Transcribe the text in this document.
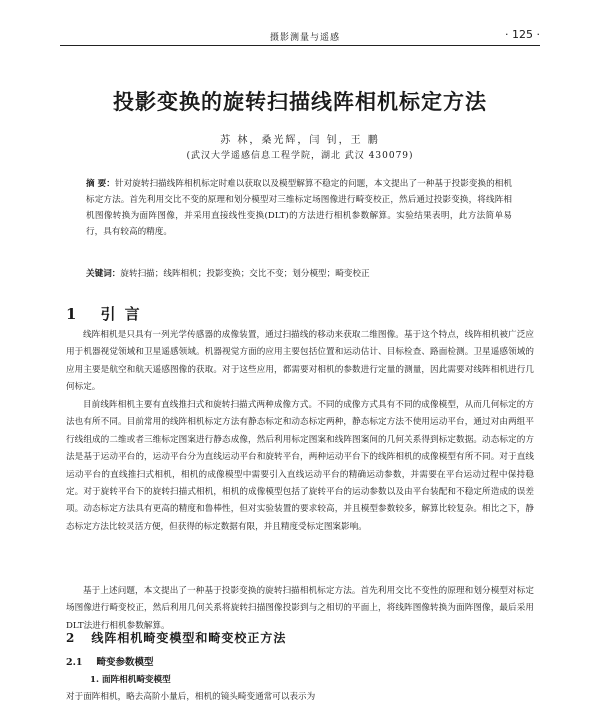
摄影测量与遥感	· 125 ·
投影变换的旋转扫描线阵相机标定方法
苏 林，桑光辉，闫 钊，王 鹏
(武汉大学遥感信息工程学院，湖北 武汉 430079)
摘 要：针对旋转扫描线阵相机标定时难以获取以及模型解算不稳定的问题，本文提出了一种基于投影变换的相机标定方法。首先利用交比不变的原理和划分模型对三维标定场图像进行畸变校正，然后通过投影变换，将线阵相机图像转换为面阵图像，并采用直接线性变换(DLT)的方法进行相机参数解算。实验结果表明，此方法简单易行，具有较高的精度。
关键词：旋转扫描；线阵相机；投影变换；交比不变；划分模型；畸变校正
1 引 言
线阵相机是只具有一列光学传感器的成像装置，通过扫描线的移动来获取二维图像。基于这个特点，线阵相机被广泛应用于机器视觉领域和卫星遥感领域。机器视觉方面的应用主要包括位置和运动估计、目标检查、路面检测。卫星遥感领域的应用主要是航空和航天遥感图像的获取。对于这些应用，都需要对相机的参数进行定量的测量，因此需要对线阵相机进行几何标定。
目前线阵相机主要有直线推扫式和旋转扫描式两种成像方式。不同的成像方式具有不同的成像模型，从而几何标定的方法也有所不同。目前常用的线阵相机标定方法有静态标定和动态标定两种，静态标定方法不使用运动平台，通过对由两组平行线组成的二维或者三维标定图案进行静态成像，然后利用标定图案和线阵图案间的几何关系得到标定数据。动态标定的方法是基于运动平台的，运动平台分为直线运动平台和旋转平台，两种运动平台下的线阵相机的成像模型有所不同。对于直线运动平台的直线推扫式相机，相机的成像模型中需要引入直线运动平台的精确运动参数，并需要在平台运动过程中保持稳定。对于旋转平台下的旋转扫描式相机，相机的成像模型包括了旋转平台的运动参数以及由平台装配和不稳定所造成的误差项。动态标定方法具有更高的精度和鲁棒性，但对实验装置的要求较高，并且模型参数较多，解算比较复杂。相比之下，静态标定方法比较灵活方便，但获得的标定数据有限，并且精度受标定图案影响。
基于上述问题，本文提出了一种基于投影变换的旋转扫描相机标定方法。首先利用交比不变性的原理和划分模型对标定场图像进行畸变校正，然后利用几何关系将旋转扫描图像投影到与之相切的平面上，将线阵图像转换为面阵图像，最后采用DLT法进行相机参数解算。
2 线阵相机畸变模型和畸变校正方法
2.1 畸变参数模型
1. 面阵相机畸变模型
对于面阵相机，略去高阶小量后，相机的镜头畸变通常可以表示为
